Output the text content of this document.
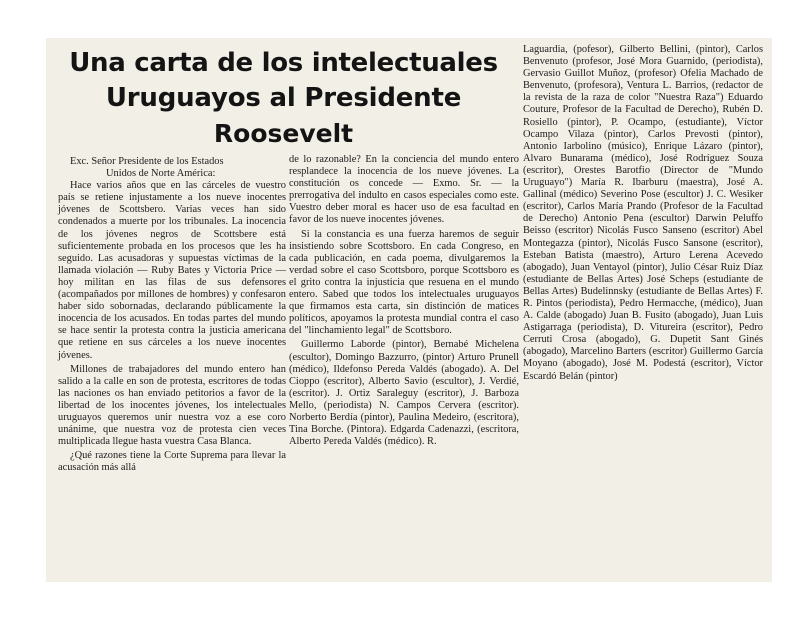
Una carta de los intelectuales
Uruguayos al Presidente
Roosevelt

Exc. Señor Presidente de los Estados
Unidos de Norte América:

Hace varios años que en las cárceles de vuestro país se retiene injustamente a los nueve inocentes jóvenes de Scottsbero. Varias veces han sido condenados a muerte por los tribunales. La inocencia de los jóvenes negros de Scottsbere está suficientemente probada en los procesos que les ha seguido. Las acusadoras y supuestas víctimas de la llamada violación — Ruby Bates y Victoria Price — hoy militan en las filas de sus defensores (acompañados por millones de hombres) y confesaron haber sido sobornadas, declarando públicamente la inocencia de los acusados. En todas partes del mundo se hace sentir la protesta contra la justicia americana que retiene en sus cárceles a los nueve inocentes jóvenes.

Millones de trabajadores del mundo entero han salido a la calle en son de protesta, escritores de todas las naciones os han enviado petitorios a favor de la libertad de los inocentes jóvenes, los intelectuales uruguayos queremos unir nuestra voz a ese coro unánime, que nuestra voz de protesta cien veces multiplicada llegue hasta vuestra Casa Blanca.

¿Qué razones tiene la Corte Suprema para llevar la acusación más allá

de lo razonable? En la conciencia del mundo entero resplandece la inocencia de los nueve jóvenes. La constitución os concede — Exmo. Sr. — la prerrogativa del indulto en casos especiales como este. Vuestro deber moral es hacer uso de esa facultad en favor de los nueve inocentes jóvenes.

Si la constancia es una fuerza haremos de seguir insistiendo sobre Scottsboro. En cada Congreso, en cada publicación, en cada poema, divulgaremos la verdad sobre el caso Scottsboro, porque Scottsboro es el grito contra la injusticia que resuena en el mundo entero. Sabed que todos los intelectuales uruguayos que firmamos esta carta, sin distinción de matices políticos, apoyamos la protesta mundial contra el caso del "linchamiento legal" de Scottsboro.

Guillermo Laborde (pintor), Bernabé Michelena (escultor), Domingo Bazzurro, (pintor) Arturo Prunell (médico), Ildefonso Pereda Valdés (abogado). A. Del Cioppo (escritor), Alberto Savio (escultor), J. Verdié, (escritor). J. Ortiz Saraleguy (escritor), J. Barboza Mello, (periodista) N. Campos Cervera (escritor). Norberto Berdía (pintor), Paulina Medeiro, (escritora), Tina Borche. (Pintora). Edgarda Cadenazzi, (escritora, Alberto Pereda Valdés (médico). R.

Laguardia, (pofesor), Gilberto Bellini, (pintor), Carlos Benvenuto (profesor, José Mora Guarnido, (periodista), Gervasio Guillot Muñoz, (profesor) Ofelia Machado de Benvenuto, (profesora), Ventura L. Barrios, (redactor de la revista de la raza de color "Nuestra Raza") Eduardo Couture, Profesor de la Facultad de Derecho), Rubén D. Rosiello (pintor), P. Ocampo, (estudiante), Víctor Ocampo Vilaza (pintor), Carlos Prevosti (pintor), Antonio Iarbolino (músico), Enrique Lázaro (pintor), Alvaro Bunarama (médico), José Rodríguez Souza (escritor), Orestes Barotfio (Director de "Mundo Uruguayo") María R. Ibarburu (maestra), José A. Gallinal (médico) Severino Pose (escultor) J. C. Wesiker (escritor), Carlos María Prando (Profesor de la Facultad de Derecho) Antonio Pena (escultor) Darwin Peluffo Beisso (escritor) Nicolás Fusco Sanseno (escritor) Abel Montegazza (pintor), Nicolás Fusco Sansone (escritor), Esteban Batista (maestro), Arturo Lerena Acevedo (abogado), Juan Ventayol (pintor), Julio César Ruiz Díaz (estudiante de Bellas Artes) José Scheps (estudiante de Bellas Artes) Budelinnsky (estudiante de Bellas Artes) F. R. Pintos (periodista), Pedro Hermacche, (médico), Juan A. Calde (abogado) Juan B. Fusito (abogado), Juan Luis Astigarraga (periodista), D. Vitureira (escritor), Pedro Cerruti Crosa (abogado), G. Dupetit Sant Ginés (abogado), Marcelino Barters (escritor) Guillermo García Moyano (abogado), José M. Podestá (escritor), Víctor Escardó Belán (pintor)
